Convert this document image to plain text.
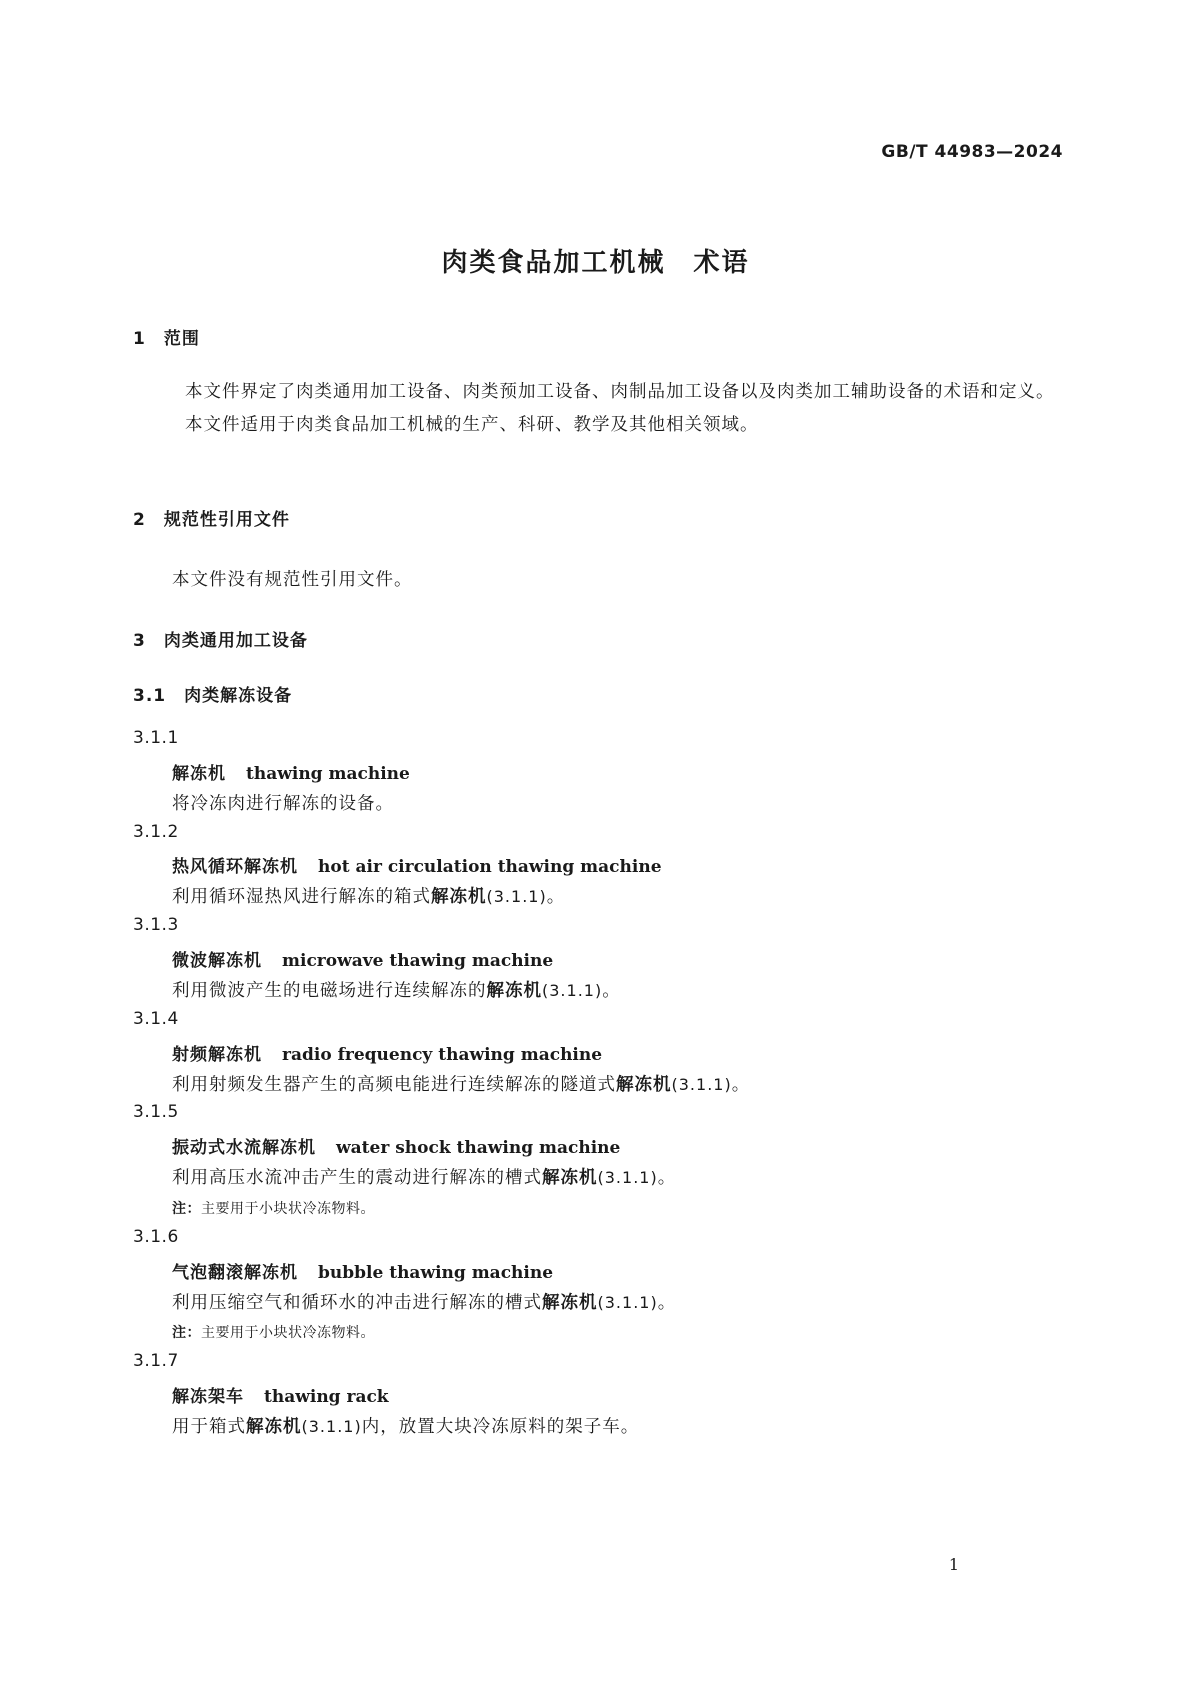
GB/T 44983—2024
肉类食品加工机械　术语
1　范围
本文件界定了肉类通用加工设备、肉类预加工设备、肉制品加工设备以及肉类加工辅助设备的术语和定义。
本文件适用于肉类食品加工机械的生产、科研、教学及其他相关领域。
2　规范性引用文件
本文件没有规范性引用文件。
3　肉类通用加工设备
3.1　肉类解冻设备
3.1.1
解冻机 thawing machine
将冷冻肉进行解冻的设备。
3.1.2
热风循环解冻机 hot air circulation thawing machine
利用循环湿热风进行解冻的箱式解冻机(3.1.1)。
3.1.3
微波解冻机 microwave thawing machine
利用微波产生的电磁场进行连续解冻的解冻机(3.1.1)。
3.1.4
射频解冻机 radio frequency thawing machine
利用射频发生器产生的高频电能进行连续解冻的隧道式解冻机(3.1.1)。
3.1.5
振动式水流解冻机 water shock thawing machine
利用高压水流冲击产生的震动进行解冻的槽式解冻机(3.1.1)。
注：主要用于小块状冷冻物料。
3.1.6
气泡翻滚解冻机 bubble thawing machine
利用压缩空气和循环水的冲击进行解冻的槽式解冻机(3.1.1)。
注：主要用于小块状冷冻物料。
3.1.7
解冻架车 thawing rack
用于箱式解冻机(3.1.1)内，放置大块冷冻原料的架子车。
1
